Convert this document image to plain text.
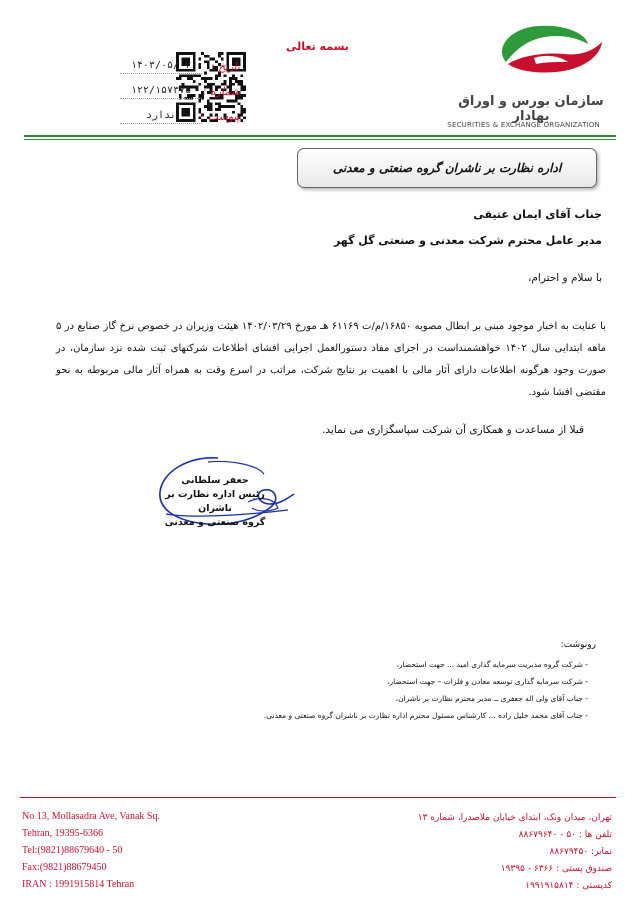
سازمان بورس و اوراق بهادار
SECURITIES & EXCHANGE ORGANIZATION
بسمه تعالی
تاریخ :
۱۴۰۳/۰۵/۰۲
شماره :
۱۲۲/۱۵۷۳۷۵
پیوست :
ندارد
اداره نظارت بر ناشران گروه صنعتی و معدنی
جناب آقای ایمان عتیقی
مدیر عامل محترم شرکت معدنی و صنعتی گل گهر
با سلام و احترام،

با عنایت به اخبار موجود مبنی بر ابطال مصوبه ۱۶۸۵۰/م/ت ۶۱۱۶۹ هـ مورخ ۱۴۰۲/۰۳/۲۹ هیئت وزیران در خصوص نرخ گاز صنایع در ۵ ماهه ابتدایی سال ۱۴۰۲ خواهشمنداست در اجرای مفاد دستورالعمل اجرایی افشای اطلاعات شرکتهای ثبت شده نزد سازمان، در صورت وجود هرگونه اطلاعات دارای آثار مالی با اهمیت بر نتایج شرکت، مراتب در اسرع وقت به همراه آثار مالی مربوطه به نحو مقتضی افشا شود.

قبلا از مساعدت و همکاری آن شرکت سپاسگزاری می نماید.
جعفر سلطانی
رئیس اداره نظارت بر ناشران
گروه صنعتی و معدنی
رونوشت:
- شرکت گروه مدیریت سرمایه گذاری امید ... جهت استحضار،
- شرکت سرمایه گذاری توسعه معادن و فلزات – جهت استحضار،
- جناب آقای ولی اله جعفری ــ مدیر محترم نظارت بر ناشران،
- جناب آقای محمد خلیل زاده ... کارشناس مسئول محترم اداره نظارت بر ناشران گروه صنعتی و معدنی.
No 13, Mollasadra Ave, Vanak Sq.
Tehran, 19395-6366
Tel:(9821)88679640 - 50
Fax:(9821)88679450
IRAN : 1991915814 Tehran
تهران، میدان ونک، ابتدای خیابان ملاصدرا، شماره ۱۳
تلفن ها : ۵۰ - ۸۸۶۷۹۶۴۰
نمابر: ۸۸۶۷۹۴۵۰
صندوق پستی : ۶۳۶۶ - ۱۹۳۹۵
کدپستی : ۱۹۹۱۹۱۵۸۱۴
